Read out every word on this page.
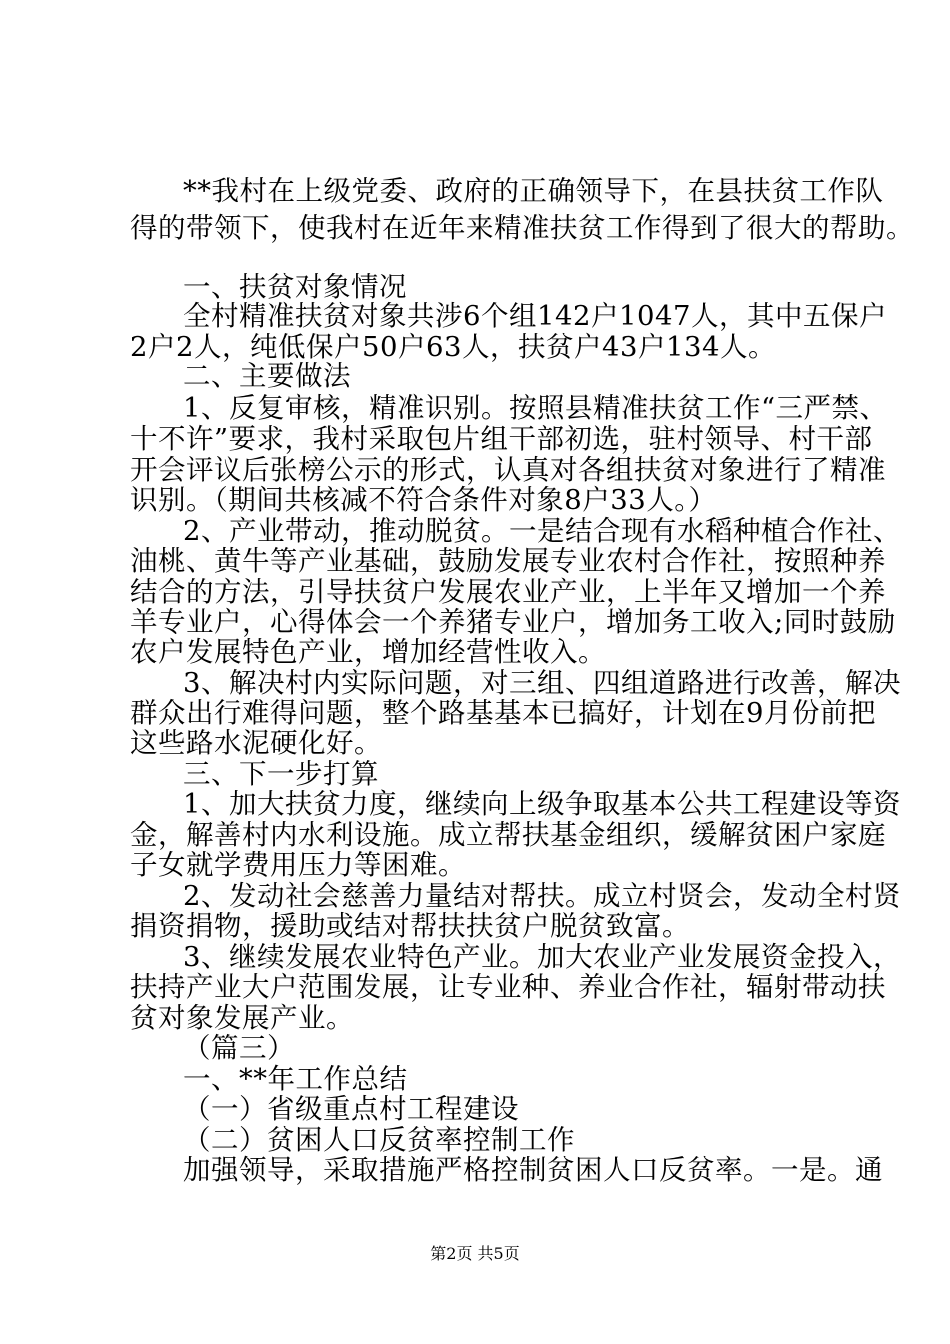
**我村在上级党委、政府的正确领导下，在县扶贫工作队
得的带领下，使我村在近年来精准扶贫工作得到了很大的帮助。
一、扶贫对象情况
全村精准扶贫对象共涉6个组142户1047人，其中五保户
2户2人，纯低保户50户63人，扶贫户43户134人。
二、主要做法
1、反复审核，精准识别。按照县精准扶贫工作“三严禁、
十不许”要求，我村采取包片组干部初选，驻村领导、村干部
开会评议后张榜公示的形式，认真对各组扶贫对象进行了精准
识别。（期间共核减不符合条件对象8户33人。）
2、产业带动，推动脱贫。一是结合现有水稻种植合作社、
油桃、黄牛等产业基础，鼓励发展专业农村合作社，按照种养
结合的方法，引导扶贫户发展农业产业，上半年又增加一个养
羊专业户，心得体会一个养猪专业户，增加务工收入;同时鼓励
农户发展特色产业，增加经营性收入。
3、解决村内实际问题，对三组、四组道路进行改善，解决
群众出行难得问题，整个路基基本已搞好，计划在9月份前把
这些路水泥硬化好。
三、下一步打算
1、加大扶贫力度，继续向上级争取基本公共工程建设等资
金，解善村内水利设施。成立帮扶基金组织，缓解贫困户家庭
子女就学费用压力等困难。
2、发动社会慈善力量结对帮扶。成立村贤会，发动全村贤
捐资捐物，援助或结对帮扶扶贫户脱贫致富。
3、继续发展农业特色产业。加大农业产业发展资金投入，
扶持产业大户范围发展，让专业种、养业合作社，辐射带动扶
贫对象发展产业。
（篇三）
一、**年工作总结
（一）省级重点村工程建设
（二）贫困人口反贫率控制工作
加强领导，采取措施严格控制贫困人口反贫率。一是。通
第2页 共5页
